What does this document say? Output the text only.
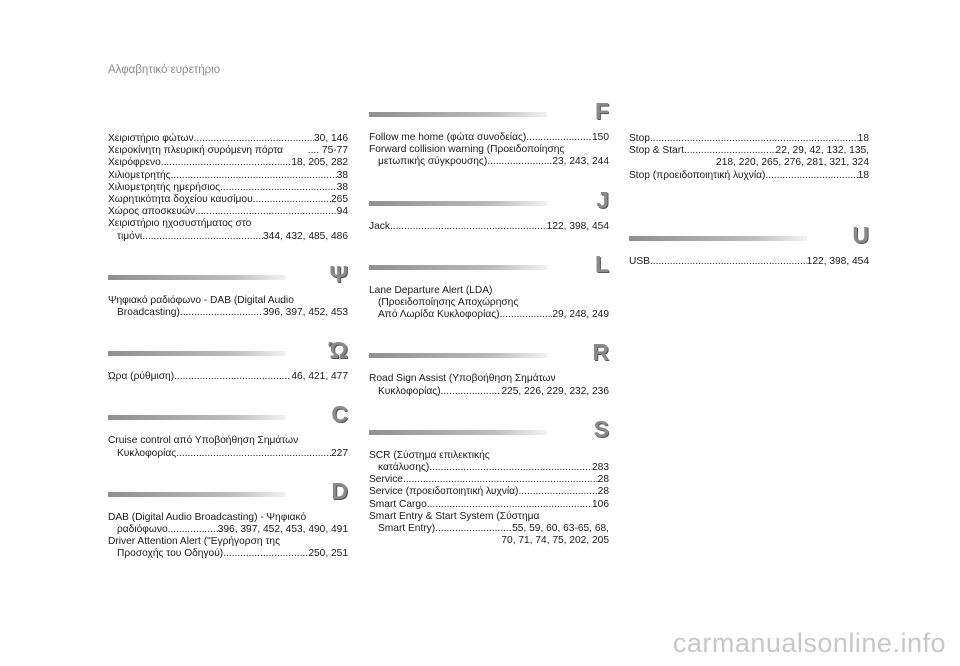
Αλφαβητικό ευρετήριο
Χειριστήριο φώτων .....	30, 146
Χειροκίνητη πλευρική συρόμενη πόρτα .... 75-77
Χειρόφρενο .....	18, 205, 282
Χιλιομετρητής .....	38
Χιλιομετρητής ημερήσιος .....	38
Χωρητικότητα δοχείου καυσίμου .....	265
Χώρος αποσκευών .....	94
Χειριστήριο ηχοσυστήματος στο
τιμόνι .....	344, 432, 485, 486
Ψ
Ψηφιακό ραδιόφωνο - DAB (Digital Audio
Broadcasting) .....	396, 397, 452, 453
Ώ
Ώρα (ρύθμιση) .....	46, 421, 477
C
Cruise control από Υποβοήθηση Σημάτων
Κυκλοφορίας .....	227
D
DAB (Digital Audio Broadcasting) - Ψηφιακό
ραδιόφωνο .....	396, 397, 452, 453, 490, 491
Driver Attention Alert ("Εγρήγορση της
Προσοχής του Οδηγού) .....	250, 251
F
Follow me home (φώτα συνοδείας) .....	150
Forward collision warning (Προειδοποίησης
μετωπικής σύγκρουσης) .....	23, 243, 244
J
Jack .....	122, 398, 454
L
Lane Departure Alert (LDA)
(Προειδοποίησης Αποχώρησης
Από Λωρίδα Κυκλοφορίας) .....	29, 248, 249
R
Road Sign Assist (Υποβοήθηση Σημάτων
Κυκλοφορίας) .....	225, 226, 229, 232, 236
S
SCR (Σύστημα επιλεκτικής
κατάλυσης) .....	283
Service .....	28
Service (προειδοποιητική λυχνία) .....	28
Smart Cargo .....	106
Smart Entry & Start System (Σύστημα
Smart Entry) .....	55, 59, 60, 63-65, 68,
70, 71, 74, 75, 202, 205
Stop .....	18
Stop & Start .....	22, 29, 42, 132, 135,
218, 220, 265, 276, 281, 321, 324
Stop (προειδοποιητική λυχνία) .....	18
U
USB .....	122, 398, 454
carmanualsonline.info
